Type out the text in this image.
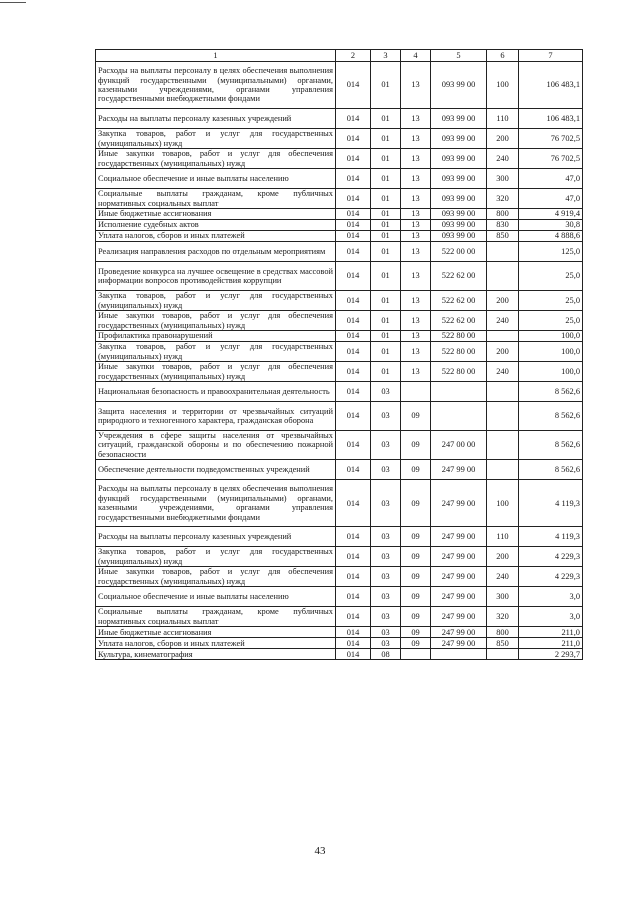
1	2	3	4	5	6	7
Расходы на выплаты персоналу в целях обеспечения выполнения функций государственными (муниципальными) органами, казенными учреждениями, органами управления государственными внебюджетными фондами	014	01	13	093 99 00	100	106 483,1
Расходы на выплаты персоналу казенных учреждений	014	01	13	093 99 00	110	106 483,1
Закупка товаров, работ и услуг для государственных (муниципальных) нужд	014	01	13	093 99 00	200	76 702,5
Иные закупки товаров, работ и услуг для обеспечения государственных (муниципальных) нужд	014	01	13	093 99 00	240	76 702,5
Социальное обеспечение и иные выплаты населению	014	01	13	093 99 00	300	47,0
Социальные выплаты гражданам, кроме публичных нормативных социальных выплат	014	01	13	093 99 00	320	47,0
Иные бюджетные ассигнования	014	01	13	093 99 00	800	4 919,4
Исполнение судебных актов	014	01	13	093 99 00	830	30,8
Уплата налогов, сборов и иных платежей	014	01	13	093 99 00	850	4 888,6
Реализация направления расходов по отдельным мероприятиям	014	01	13	522 00 00		125,0
Проведение конкурса на лучшее освещение в средствах массовой информации вопросов противодействия коррупции	014	01	13	522 62 00		25,0
Закупка товаров, работ и услуг для государственных (муниципальных) нужд	014	01	13	522 62 00	200	25,0
Иные закупки товаров, работ и услуг для обеспечения государственных (муниципальных) нужд	014	01	13	522 62 00	240	25,0
Профилактика правонарушений	014	01	13	522 80 00		100,0
Закупка товаров, работ и услуг для государственных (муниципальных) нужд	014	01	13	522 80 00	200	100,0
Иные закупки товаров, работ и услуг для обеспечения государственных (муниципальных) нужд	014	01	13	522 80 00	240	100,0
Национальная безопасность и правоохранительная деятельность	014	03				8 562,6
Защита населения и территории от чрезвычайных ситуаций природного и техногенного характера, гражданская оборона	014	03	09			8 562,6
Учреждения в сфере защиты населения от чрезвычайных ситуаций, гражданской обороны и по обеспечению пожарной безопасности	014	03	09	247 00 00		8 562,6
Обеспечение деятельности подведомственных учреждений	014	03	09	247 99 00		8 562,6
Расходы на выплаты персоналу в целях обеспечения выполнения функций государственными (муниципальными) органами, казенными учреждениями, органами управления государственными внебюджетными фондами	014	03	09	247 99 00	100	4 119,3
Расходы на выплаты персоналу казенных учреждений	014	03	09	247 99 00	110	4 119,3
Закупка товаров, работ и услуг для государственных (муниципальных) нужд	014	03	09	247 99 00	200	4 229,3
Иные закупки товаров, работ и услуг для обеспечения государственных (муниципальных) нужд	014	03	09	247 99 00	240	4 229,3
Социальное обеспечение и иные выплаты населению	014	03	09	247 99 00	300	3,0
Социальные выплаты гражданам, кроме публичных нормативных социальных выплат	014	03	09	247 99 00	320	3,0
Иные бюджетные ассигнования	014	03	09	247 99 00	800	211,0
Уплата налогов, сборов и иных платежей	014	03	09	247 99 00	850	211,0
Культура, кинематография	014	08				2 293,7
43
